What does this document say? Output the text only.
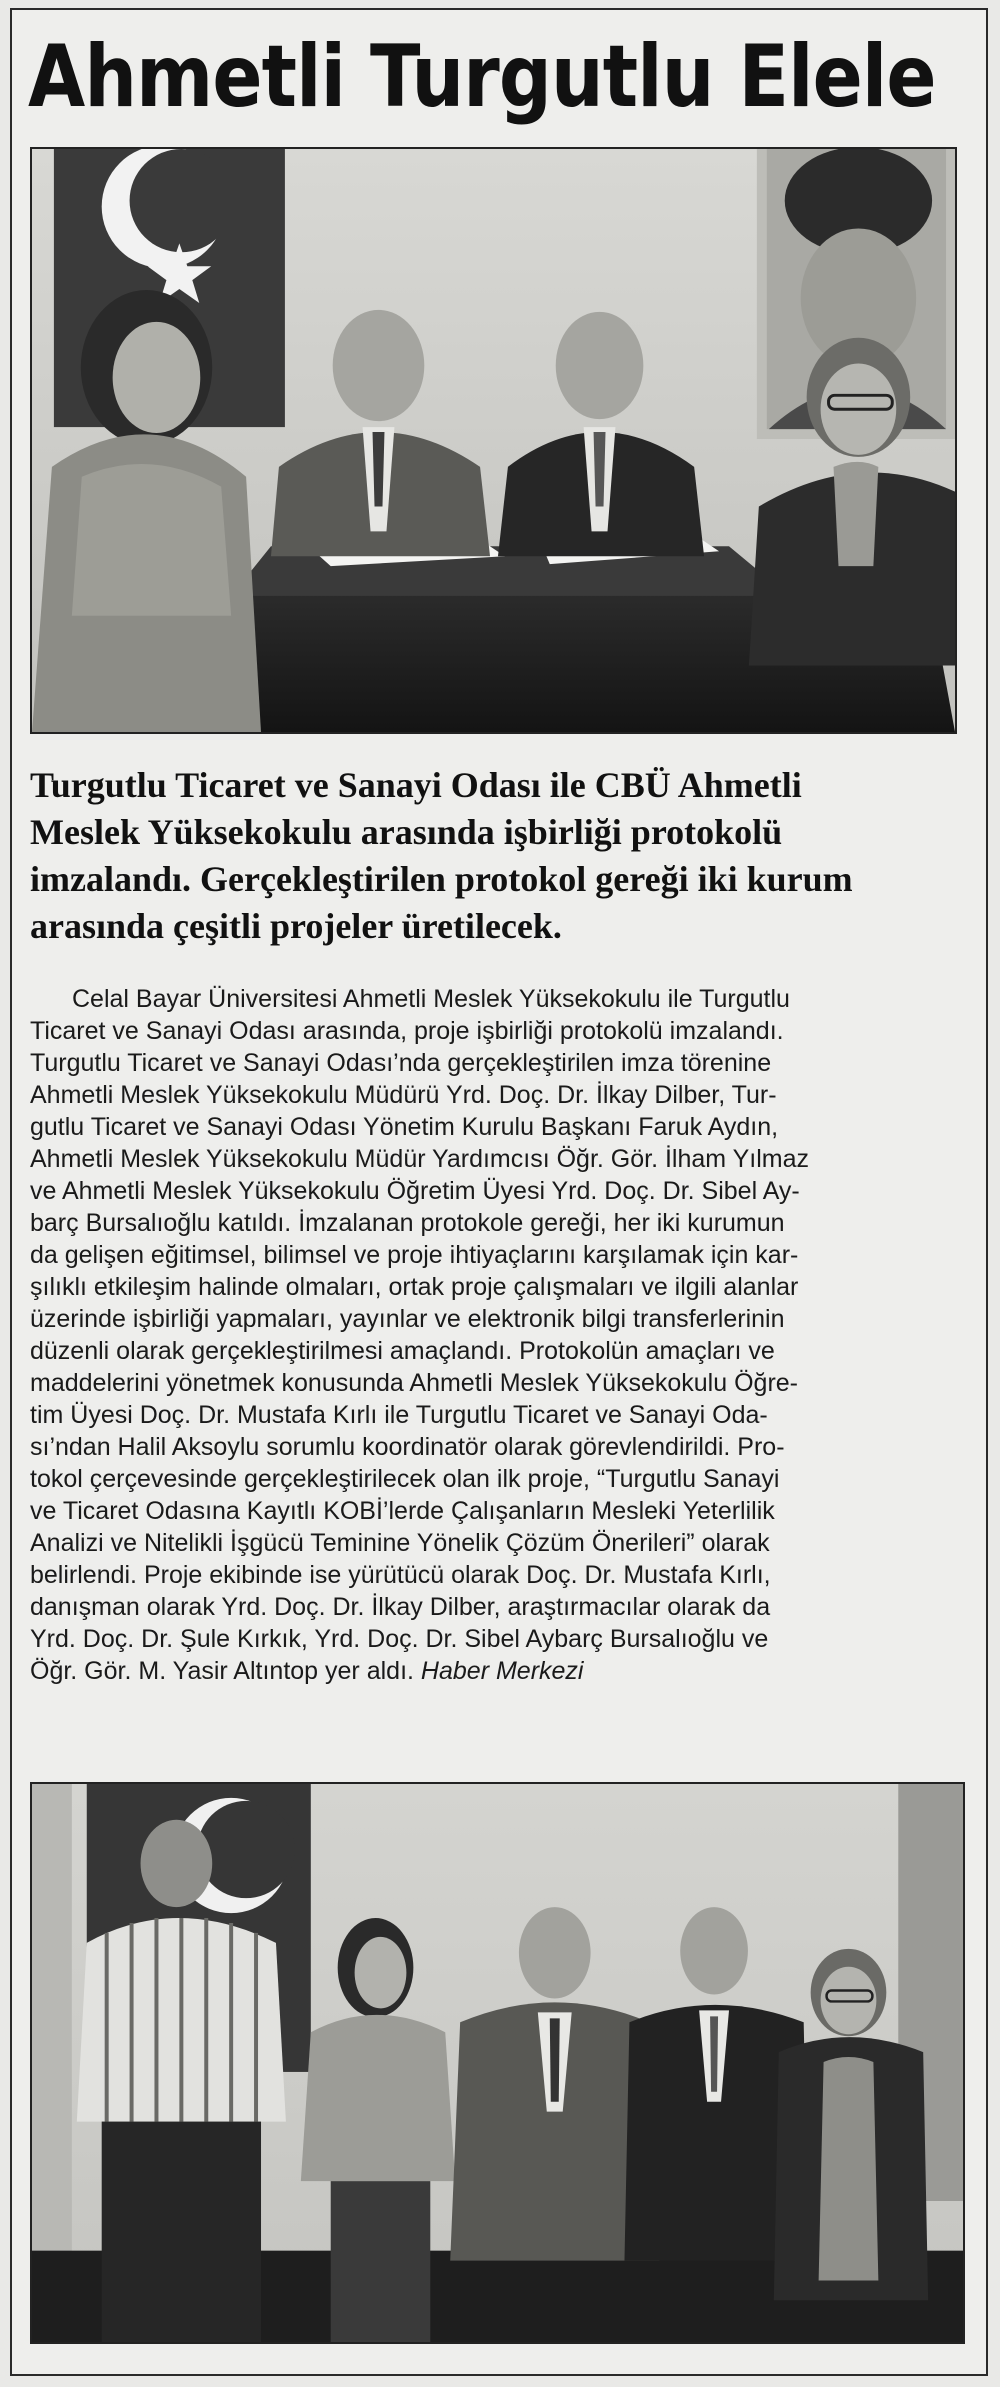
Ahmetli Turgutlu Elele
Turgutlu Ticaret ve Sanayi Odası ile CBÜ Ahmetli
Meslek Yüksekokulu arasında işbirliği protokolü
imzalandı. Gerçekleştirilen protokol gereği iki kurum
arasında çeşitli projeler üretilecek.
Celal Bayar Üniversitesi Ahmetli Meslek Yüksekokulu ile Turgutlu
Ticaret ve Sanayi Odası arasında, proje işbirliği protokolü imzalandı.
Turgutlu Ticaret ve Sanayi Odası’nda gerçekleştirilen imza törenine
Ahmetli Meslek Yüksekokulu Müdürü Yrd. Doç. Dr. İlkay Dilber, Tur-
gutlu Ticaret ve Sanayi Odası Yönetim Kurulu Başkanı Faruk Aydın,
Ahmetli Meslek Yüksekokulu Müdür Yardımcısı Öğr. Gör. İlham Yılmaz
ve Ahmetli Meslek Yüksekokulu Öğretim Üyesi Yrd. Doç. Dr. Sibel Ay-
barç Bursalıoğlu katıldı. İmzalanan protokole gereği, her iki kurumun
da gelişen eğitimsel, bilimsel ve proje ihtiyaçlarını karşılamak için kar-
şılıklı etkileşim halinde olmaları, ortak proje çalışmaları ve ilgili alanlar
üzerinde işbirliği yapmaları, yayınlar ve elektronik bilgi transferlerinin
düzenli olarak gerçekleştirilmesi amaçlandı. Protokolün amaçları ve
maddelerini yönetmek konusunda Ahmetli Meslek Yüksekokulu Öğre-
tim Üyesi Doç. Dr. Mustafa Kırlı ile Turgutlu Ticaret ve Sanayi Oda-
sı’ndan Halil Aksoylu sorumlu koordinatör olarak görevlendirildi. Pro-
tokol çerçevesinde gerçekleştirilecek olan ilk proje, “Turgutlu Sanayi
ve Ticaret Odasına Kayıtlı KOBİ’lerde Çalışanların Mesleki Yeterlilik
Analizi ve Nitelikli İşgücü Teminine Yönelik Çözüm Önerileri” olarak
belirlendi. Proje ekibinde ise yürütücü olarak Doç. Dr. Mustafa Kırlı,
danışman olarak Yrd. Doç. Dr. İlkay Dilber, araştırmacılar olarak da
Yrd. Doç. Dr. Şule Kırkık, Yrd. Doç. Dr. Sibel Aybarç Bursalıoğlu ve
Öğr. Gör. M. Yasir Altıntop yer aldı. Haber Merkezi
